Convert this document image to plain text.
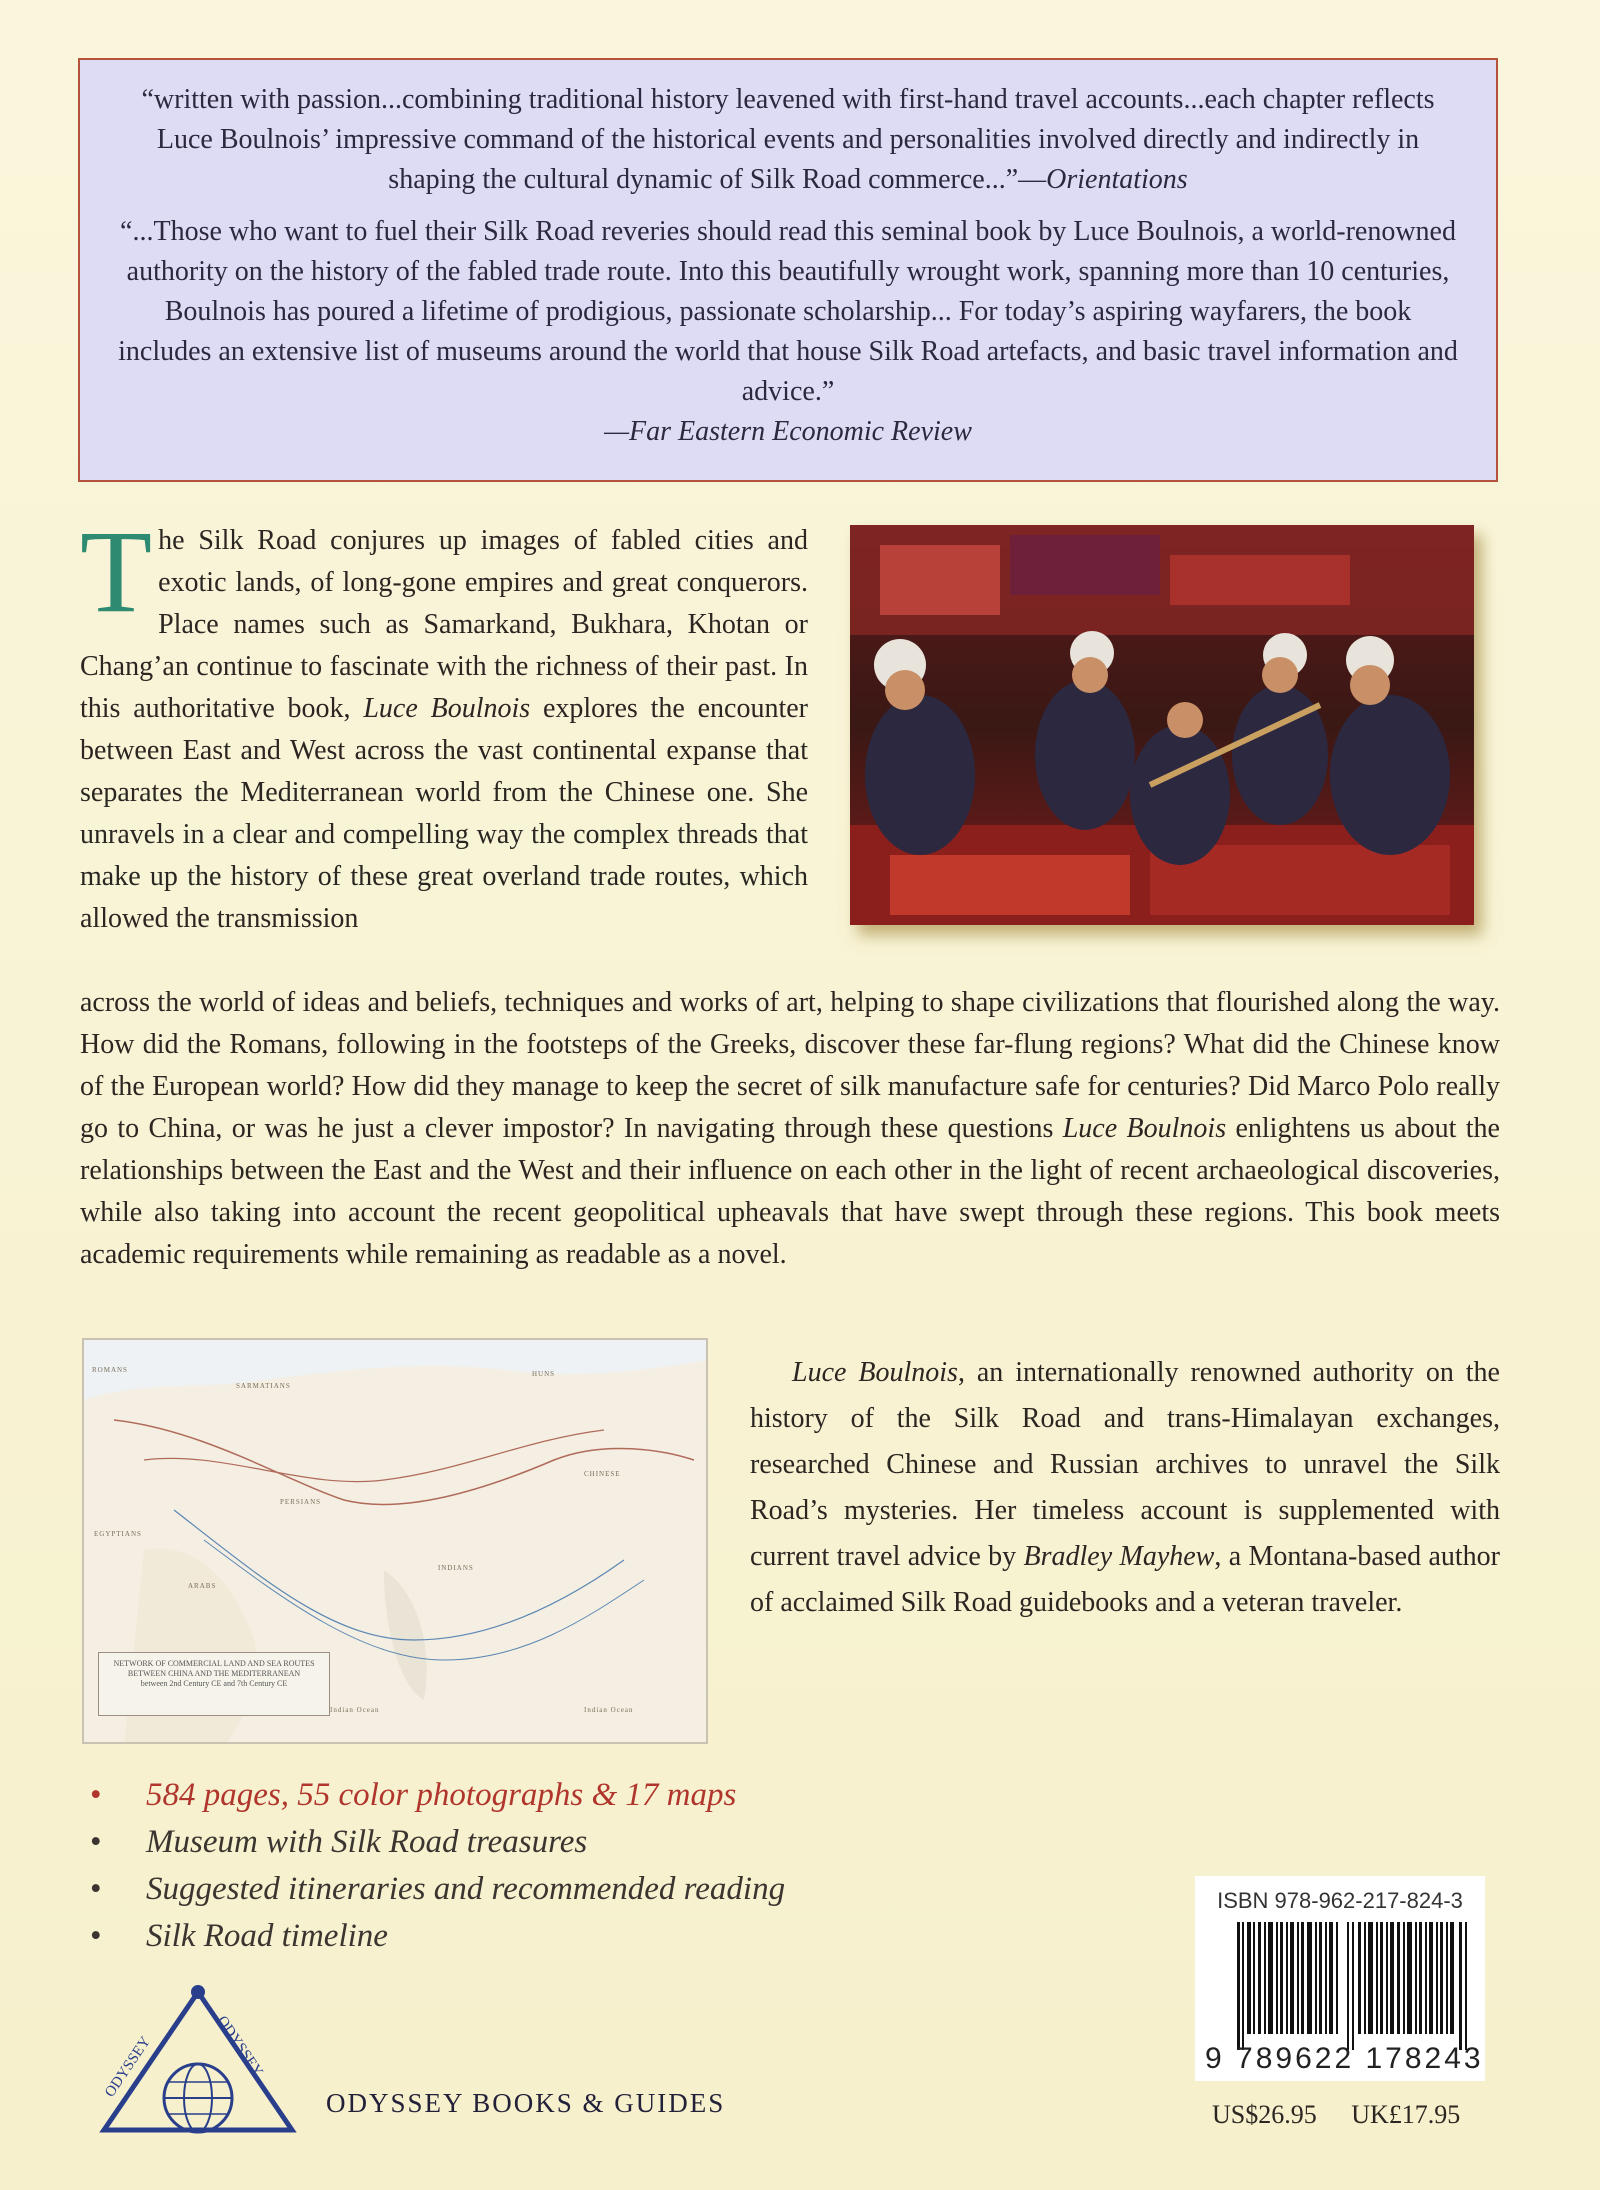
“written with passion...combining traditional history leavened with first-hand travel accounts...each chapter reflects Luce Boulnois’ impressive command of the historical events and personalities involved directly and indirectly in shaping the cultural dynamic of Silk Road commerce...”—Orientations

“...Those who want to fuel their Silk Road reveries should read this seminal book by Luce Boulnois, a world-renowned authority on the history of the fabled trade route. Into this beautifully wrought work, spanning more than 10 centuries, Boulnois has poured a lifetime of prodigious, passionate scholarship... For today’s aspiring wayfarers, the book includes an extensive list of museums around the world that house Silk Road artefacts, and basic travel information and advice.”
—Far Eastern Economic Review

The Silk Road conjures up images of fabled cities and exotic lands, of long-gone empires and great conquerors. Place names such as Samarkand, Bukhara, Khotan or Chang’an continue to fascinate with the richness of their past. In this authoritative book, Luce Boulnois explores the encounter between East and West across the vast continental expanse that separates the Mediterranean world from the Chinese one. She unravels in a clear and compelling way the complex threads that make up the history of these great overland trade routes, which allowed the transmission
across the world of ideas and beliefs, techniques and works of art, helping to shape civilizations that flourished along the way. How did the Romans, following in the footsteps of the Greeks, discover these far-flung regions? What did the Chinese know of the European world? How did they manage to keep the secret of silk manufacture safe for centuries? Did Marco Polo really go to China, or was he just a clever impostor? In navigating through these questions Luce Boulnois enlightens us about the relationships between the East and the West and their influence on each other in the light of recent archaeological discoveries, while also taking into account the recent geopolitical upheavals that have swept through these regions. This book meets academic requirements while remaining as readable as a novel.
ROMANS
SARMATIANS
HUNS
PERSIANS
EGYPTIANS
ARABS
INDIANS
CHINESE
Indian Ocean	Indian Ocean
NETWORK OF COMMERCIAL LAND AND SEA ROUTES BETWEEN CHINA AND THE MEDITERRANEAN
between 2nd Century CE and 7th Century CE
Luce Boulnois, an internationally renowned authority on the history of the Silk Road and trans-Himalayan exchanges, researched Chinese and Russian archives to unravel the Silk Road’s mysteries. Her timeless account is supplemented with current travel advice by Bradley Mayhew, a Montana-based author of acclaimed Silk Road guidebooks and a veteran traveler.
•	584 pages, 55 color photographs & 17 maps
•	Museum with Silk Road treasures
•	Suggested itineraries and recommended reading
•	Silk Road timeline
ISBN 978-962-217-824-3
9 789622 178243
ODYSSEY	ODYSSEY
ODYSSEY BOOKS & GUIDES	US$26.95 UK£17.95
